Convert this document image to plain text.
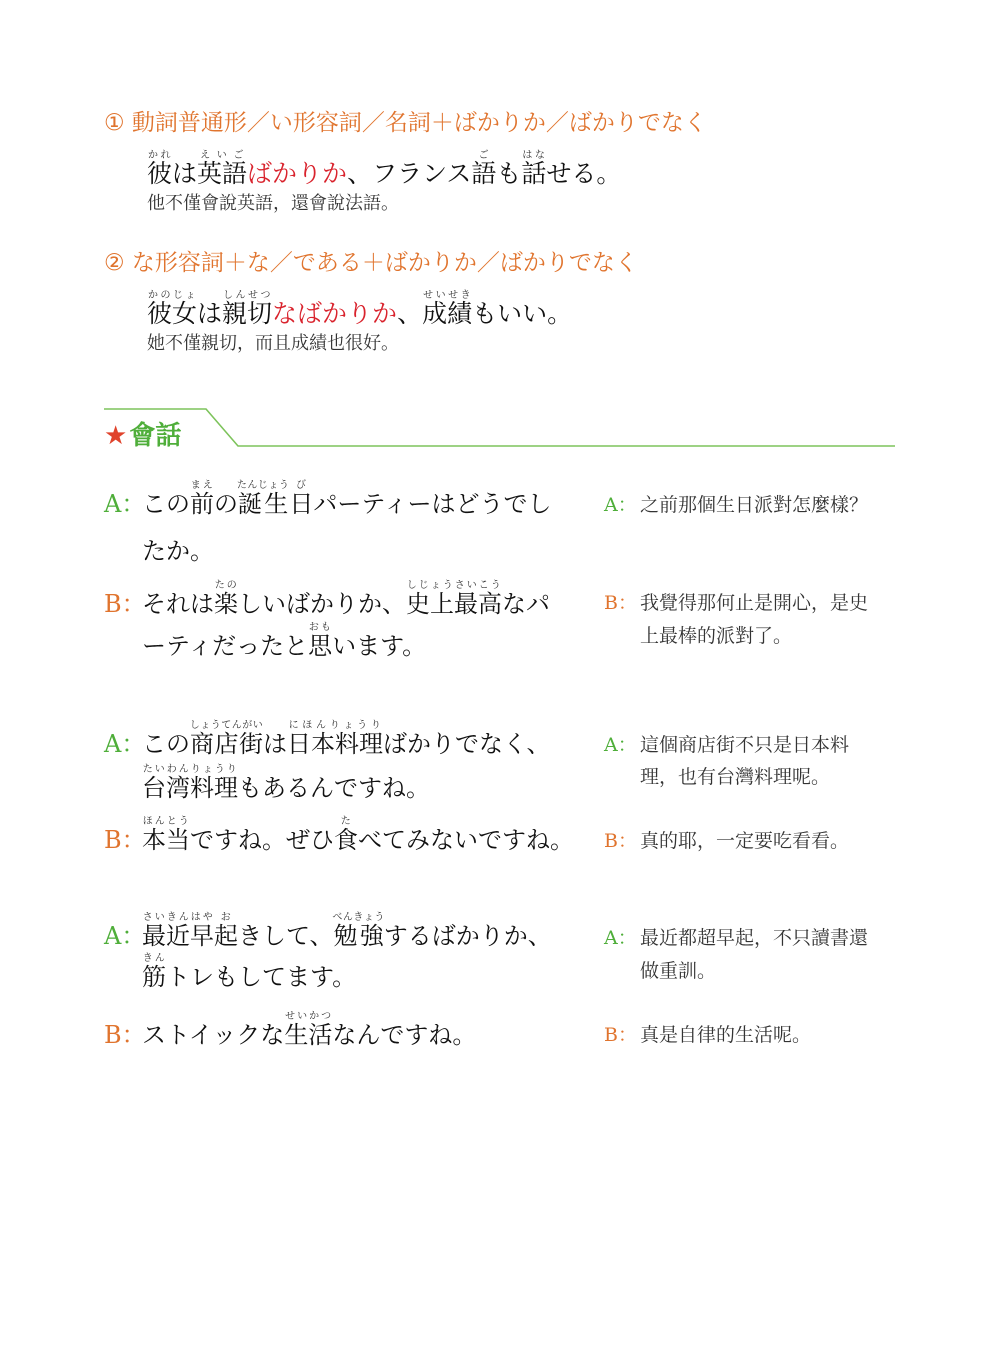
① 動詞普通形／い形容詞／名詞＋ばかりか／ばかりでなく
彼かれは英語えいごばかりか、フランス語ごも話はなせる。
他不僅會說英語，還會說法語。
② な形容詞＋な／である＋ばかりか／ばかりでなく
彼女かのじょは親切しんせつなばかりか、成績せいせきもいい。
她不僅親切，而且成績也很好。
★會話
A：この前まえの誕生たんじょう日びパーティーはどうでし
たか。
B：それは楽たのしいばかりか、史上最高しじょうさいこうなパ
ーティだったと思おもいます。
A：この商店街しょうてんがいは日本料理にほんりょうりばかりでなく、
台湾料理たいわんりょうりもあるんですね。
B：本当ほんとうですね。ぜひ食たべてみないですね。
A：最近さいきん早はや起おきして、勉強べんきょうするばかりか、
筋きんトレもしてます。
B：ストイックな生活せいかつなんですね。
A： 之前那個生日派對怎麼樣？
B： 我覺得那何止是開心，是史
上最棒的派對了。
A： 這個商店街不只是日本料
理，也有台灣料理呢。
B： 真的耶，一定要吃看看。
A： 最近都超早起，不只讀書還
做重訓。
B： 真是自律的生活呢。
